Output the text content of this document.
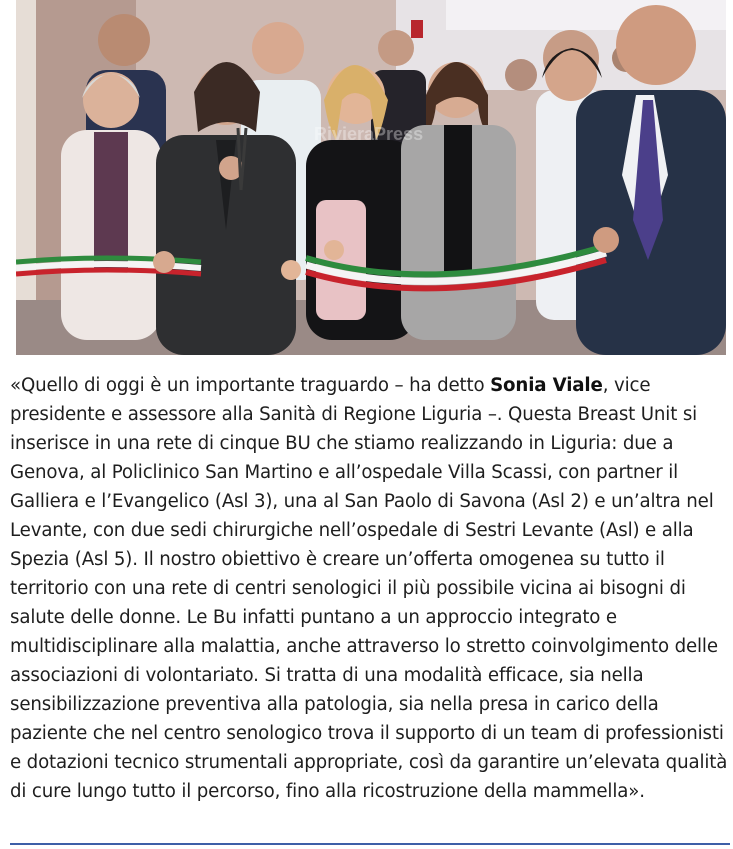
RivieraPress

«Quello di oggi è un importante traguardo – ha detto Sonia Viale, vice presidente e assessore alla Sanità di Regione Liguria –. Questa Breast Unit si inserisce in una rete di cinque BU che stiamo realizzando in Liguria: due a Genova, al Policlinico San Martino e all’ospedale Villa Scassi, con partner il Galliera e l’Evangelico (Asl 3), una al San Paolo di Savona (Asl 2) e un’altra nel Levante, con due sedi chirurgiche nell’ospedale di Sestri Levante (Asl) e alla Spezia (Asl 5). Il nostro obiettivo è creare un’offerta omogenea su tutto il territorio con una rete di centri senologici il più possibile vicina ai bisogni di salute delle donne. Le Bu infatti puntano a un approccio integrato e multidisciplinare alla malattia, anche attraverso lo stretto coinvolgimento delle associazioni di volontariato. Si tratta di una modalità efficace, sia nella sensibilizzazione preventiva alla patologia, sia nella presa in carico della paziente che nel centro senologico trova il supporto di un team di professionisti e dotazioni tecnico strumentali appropriate, così da garantire un’elevata qualità di cure lungo tutto il percorso, fino alla ricostruzione della mammella».
